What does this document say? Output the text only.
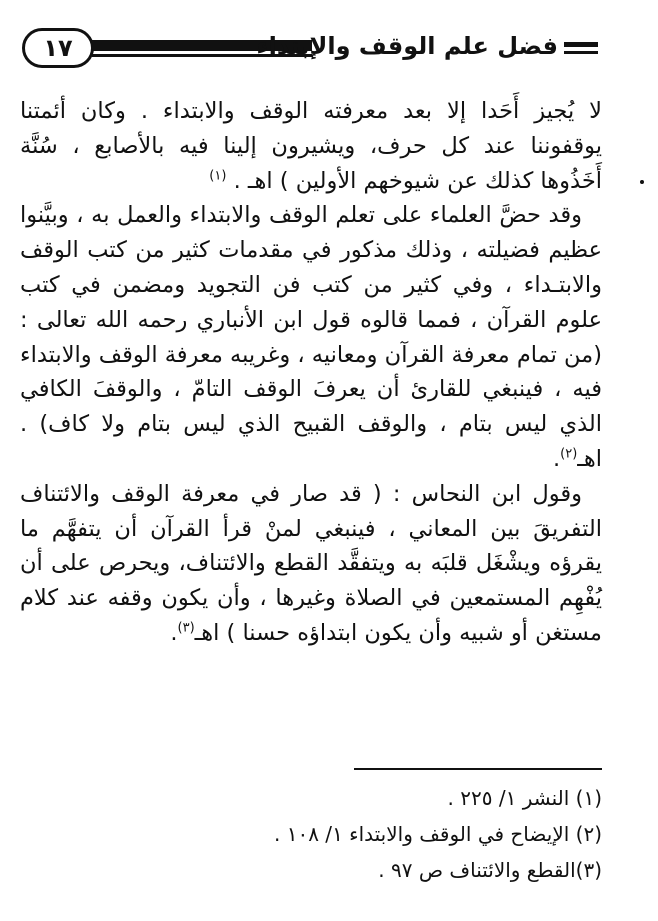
١٧	فضل علم الوقف والإبتداء

لا يُجيز أَحَدا إلا بعد معرفته الوقف والابتداء . وكان أئمتنا يوقفوننا عند كل حرف، ويشيرون إلينا فيه بالأصابع ، سُنَّة أَخَذُوها كذلك عن شيوخهم الأولين ) اهـ . $^{(١)}$

وقد حضَّ العلماء على تعلم الوقف والابتداء والعمل به ، وبيَّنوا عظيم فضيلته ، وذلك مذكور في مقدمات كثير من كتب الوقف والابتـداء ، وفي كثير من كتب فن التجويد ومضمن في كتب علوم القرآن ، فمما قالوه قول ابن الأنباري رحمه الله تعالى : (من تمام معرفة القرآن ومعانيه ، وغريبه معرفة الوقف والابتداء فيه ، فينبغي للقارئ أن يعرفَ الوقف التامّ ، والوقفَ الكافي الذي ليس بتام ، والوقف القبيح الذي ليس بتام ولا كاف) . اهـ$^{(٢)}$.

وقول ابن النحاس : ( قد صار في معرفة الوقف والائتناف التفريقَ بين المعاني ، فينبغي لمنْ قرأ القرآن أن يتفهَّم ما يقرؤه ويشْغَل قلبَه به ويتفقَّد القطع والائتناف، ويحرص على أن يُفْهِم المستمعين في الصلاة وغيرها ، وأن يكون وقفه عند كلام مستغن أو شبيه وأن يكون ابتداؤه حسنا ) اهـ$^{(٣)}$.

(١) النشر ١/ ٢٢٥ .

(٢) الإيضاح في الوقف والابتداء ١/ ١٠٨ .

(٣)القطع والائتناف ص ٩٧ .
